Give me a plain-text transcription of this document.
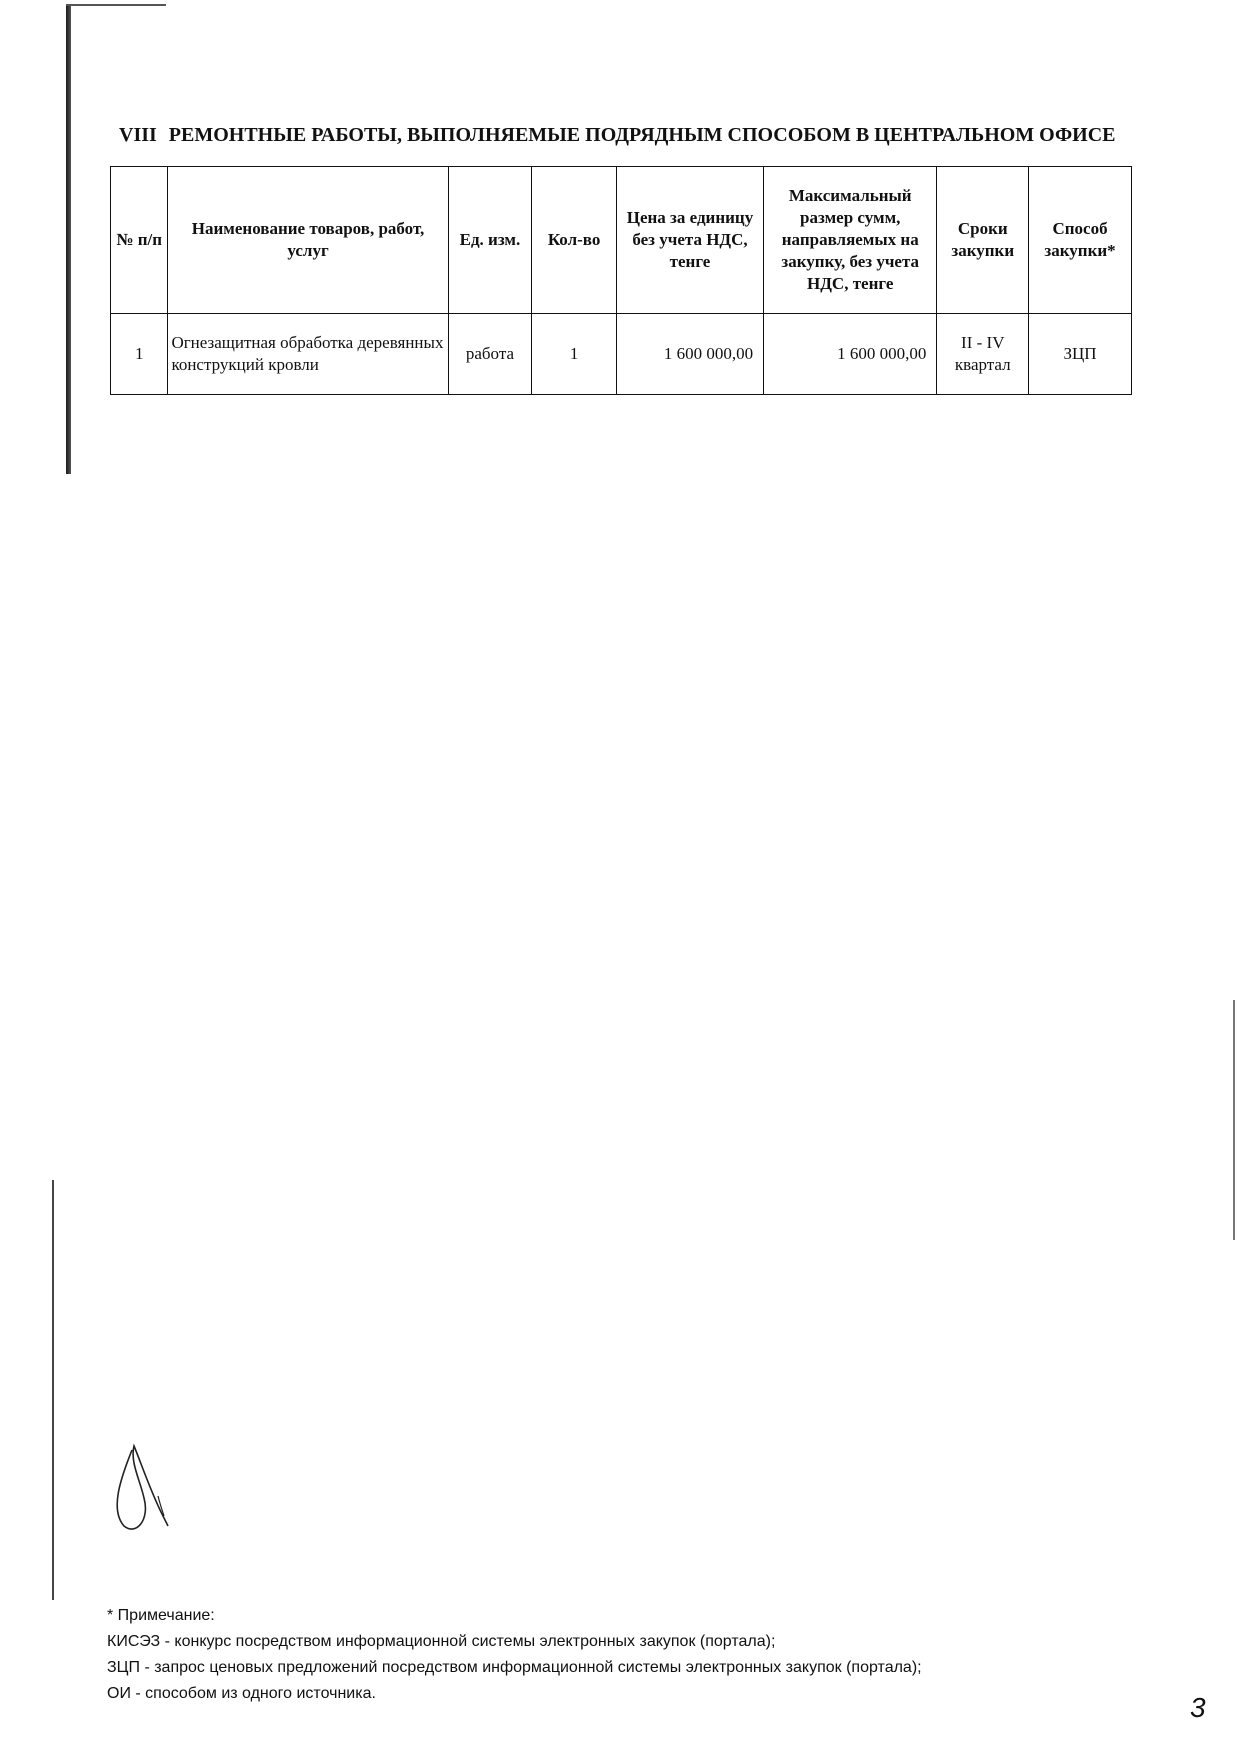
VIII РЕМОНТНЫЕ РАБОТЫ, ВЫПОЛНЯЕМЫЕ ПОДРЯДНЫМ СПОСОБОМ В ЦЕНТРАЛЬНОМ ОФИСЕ
№ п/п	Наименование товаров, работ, услуг	Ед. изм.	Кол-во	Цена за единицу без учета НДС, тенге	Максимальный размер сумм, направляемых на закупку, без учета НДС, тенге	Сроки закупки	Способ закупки*
1	Огнезащитная обработка деревянных конструкций кровли	работа	1	1 600 000,00	1 600 000,00	II - IV квартал	ЗЦП
* Примечание:
КИСЭЗ - конкурс посредством информационной системы электронных закупок (портала);
ЗЦП - запрос ценовых предложений посредством информационной системы электронных закупок (портала);
ОИ - способом из одного источника.	3
